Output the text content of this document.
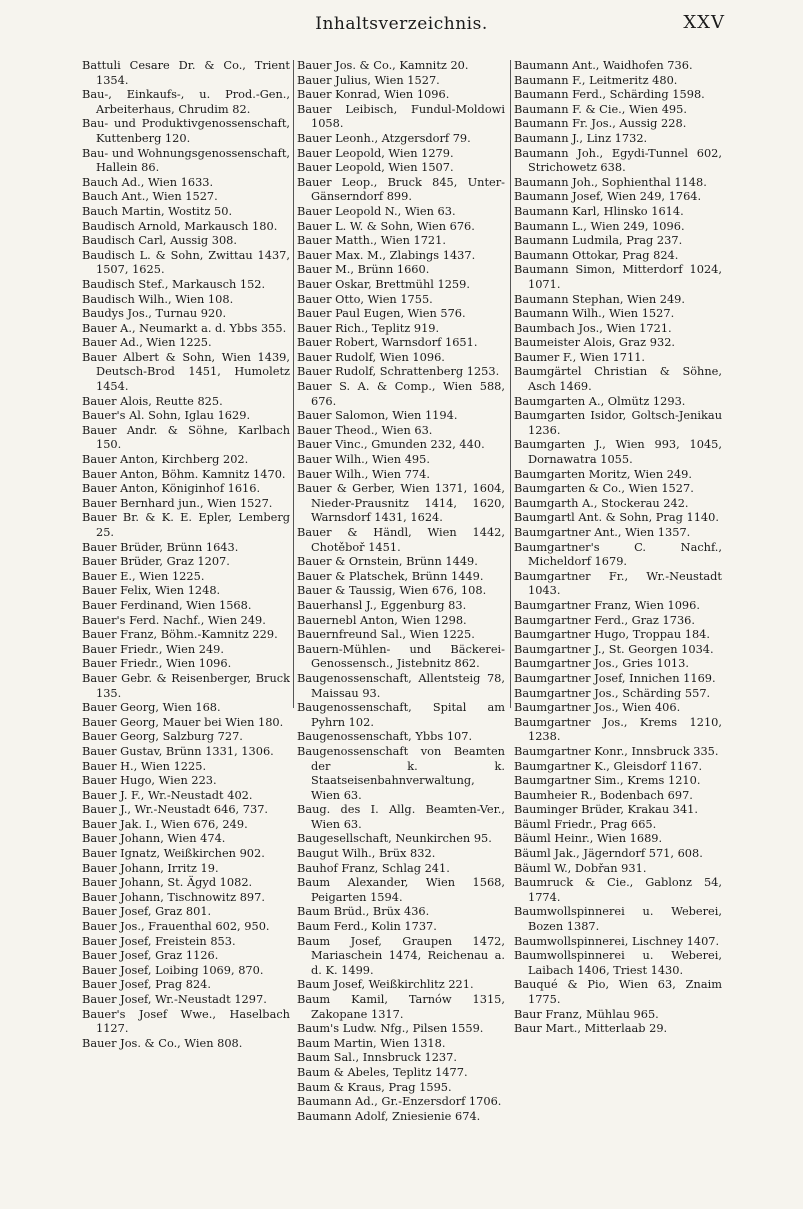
Inhaltsverzeichnis.	XXV

Battuli Cesare Dr. & Co., Trient 1354.

Bau-, Einkaufs-, u. Prod.-Gen., Arbeiterhaus, Chrudim 82.

Bau- und Produktivgenossenschaft, Kuttenberg 120.

Bau- und Wohnungsgenossenschaft, Hallein 86.

Bauch Ad., Wien 1633.

Bauch Ant., Wien 1527.

Bauch Martin, Wostitz 50.

Baudisch Arnold, Markausch 180.

Baudisch Carl, Aussig 308.

Baudisch L. & Sohn, Zwittau 1437, 1507, 1625.

Baudisch Stef., Markausch 152.

Baudisch Wilh., Wien 108.

Baudys Jos., Turnau 920.

Bauer A., Neumarkt a. d. Ybbs 355.

Bauer Ad., Wien 1225.

Bauer Albert & Sohn, Wien 1439, Deutsch-Brod 1451, Humoletz 1454.

Bauer Alois, Reutte 825.

Bauer's Al. Sohn, Iglau 1629.

Bauer Andr. & Söhne, Karlbach 150.

Bauer Anton, Kirchberg 202.

Bauer Anton, Böhm. Kamnitz 1470.

Bauer Anton, Königinhof 1616.

Bauer Bernhard jun., Wien 1527.

Bauer Br. & K. E. Epler, Lemberg 25.

Bauer Brüder, Brünn 1643.

Bauer Brüder, Graz 1207.

Bauer E., Wien 1225.

Bauer Felix, Wien 1248.

Bauer Ferdinand, Wien 1568.

Bauer's Ferd. Nachf., Wien 249.

Bauer Franz, Böhm.-Kamnitz 229.

Bauer Friedr., Wien 249.

Bauer Friedr., Wien 1096.

Bauer Gebr. & Reisenberger, Bruck 135.

Bauer Georg, Wien 168.

Bauer Georg, Mauer bei Wien 180.

Bauer Georg, Salzburg 727.

Bauer Gustav, Brünn 1331, 1306.

Bauer H., Wien 1225.

Bauer Hugo, Wien 223.

Bauer J. F., Wr.-Neustadt 402.

Bauer J., Wr.-Neustadt 646, 737.

Bauer Jak. I., Wien 676, 249.

Bauer Johann, Wien 474.

Bauer Ignatz, Weißkirchen 902.

Bauer Johann, Irritz 19.

Bauer Johann, St. Ägyd 1082.

Bauer Johann, Tischnowitz 897.

Bauer Josef, Graz 801.

Bauer Jos., Frauenthal 602, 950.

Bauer Josef, Freistein 853.

Bauer Josef, Graz 1126.

Bauer Josef, Loibing 1069, 870.

Bauer Josef, Prag 824.

Bauer Josef, Wr.-Neustadt 1297.

Bauer's Josef Wwe., Haselbach 1127.

Bauer Jos. & Co., Wien 808.

Bauer Jos. & Co., Kamnitz 20.

Bauer Julius, Wien 1527.

Bauer Konrad, Wien 1096.

Bauer Leibisch, Fundul-Moldowi 1058.

Bauer Leonh., Atzgersdorf 79.

Bauer Leopold, Wien 1279.

Bauer Leopold, Wien 1507.

Bauer Leop., Bruck 845, Unter-Gänserndorf 899.

Bauer Leopold N., Wien 63.

Bauer L. W. & Sohn, Wien 676.

Bauer Matth., Wien 1721.

Bauer Max. M., Zlabings 1437.

Bauer M., Brünn 1660.

Bauer Oskar, Brettmühl 1259.

Bauer Otto, Wien 1755.

Bauer Paul Eugen, Wien 576.

Bauer Rich., Teplitz 919.

Bauer Robert, Warnsdorf 1651.

Bauer Rudolf, Wien 1096.

Bauer Rudolf, Schrattenberg 1253.

Bauer S. A. & Comp., Wien 588, 676.

Bauer Salomon, Wien 1194.

Bauer Theod., Wien 63.

Bauer Vinc., Gmunden 232, 440.

Bauer Wilh., Wien 495.

Bauer Wilh., Wien 774.

Bauer & Gerber, Wien 1371, 1604, Nieder-Prausnitz 1414, 1620, Warnsdorf 1431, 1624.

Bauer & Händl, Wien 1442, Chotěboř 1451.

Bauer & Ornstein, Brünn 1449.

Bauer & Platschek, Brünn 1449.

Bauer & Taussig, Wien 676, 108.

Bauerhansl J., Eggenburg 83.

Bauernebl Anton, Wien 1298.

Bauernfreund Sal., Wien 1225.

Bauern-Mühlen- und Bäckerei-Genossensch., Jistebnitz 862.

Baugenossenschaft, Allentsteig 78, Maissau 93.

Baugenossenschaft, Spital am Pyhrn 102.

Baugenossenschaft, Ybbs 107.

Baugenossenschaft von Beamten der k. k. Staatseisenbahnverwaltung, Wien 63.

Baug. des I. Allg. Beamten-Ver., Wien 63.

Baugesellschaft, Neunkirchen 95.

Baugut Wilh., Brüx 832.

Bauhof Franz, Schlag 241.

Baum Alexander, Wien 1568, Peigarten 1594.

Baum Brüd., Brüx 436.

Baum Ferd., Kolin 1737.

Baum Josef, Graupen 1472, Mariaschein 1474, Reichenau a. d. K. 1499.

Baum Josef, Weißkirchlitz 221.

Baum Kamil, Tarnów 1315, Zakopane 1317.

Baum's Ludw. Nfg., Pilsen 1559.

Baum Martin, Wien 1318.

Baum Sal., Innsbruck 1237.

Baum & Abeles, Teplitz 1477.

Baum & Kraus, Prag 1595.

Baumann Ad., Gr.-Enzersdorf 1706.

Baumann Adolf, Zniesienie 674.

Baumann Ant., Waidhofen 736.

Baumann F., Leitmeritz 480.

Baumann Ferd., Schärding 1598.

Baumann F. & Cie., Wien 495.

Baumann Fr. Jos., Aussig 228.

Baumann J., Linz 1732.

Baumann Joh., Egydi-Tunnel 602, Strichowetz 638.

Baumann Joh., Sophienthal 1148.

Baumann Josef, Wien 249, 1764.

Baumann Karl, Hlinsko 1614.

Baumann L., Wien 249, 1096.

Baumann Ludmila, Prag 237.

Baumann Ottokar, Prag 824.

Baumann Simon, Mitterdorf 1024, 1071.

Baumann Stephan, Wien 249.

Baumann Wilh., Wien 1527.

Baumbach Jos., Wien 1721.

Baumeister Alois, Graz 932.

Baumer F., Wien 1711.

Baumgärtel Christian & Söhne, Asch 1469.

Baumgarten A., Olmütz 1293.

Baumgarten Isidor, Goltsch-Jenikau 1236.

Baumgarten J., Wien 993, 1045, Dornawatra 1055.

Baumgarten Moritz, Wien 249.

Baumgarten & Co., Wien 1527.

Baumgarth A., Stockerau 242.

Baumgartl Ant. & Sohn, Prag 1140.

Baumgartner Ant., Wien 1357.

Baumgartner's C. Nachf., Micheldorf 1679.

Baumgartner Fr., Wr.-Neustadt 1043.

Baumgartner Franz, Wien 1096.

Baumgartner Ferd., Graz 1736.

Baumgartner Hugo, Troppau 184.

Baumgartner J., St. Georgen 1034.

Baumgartner Jos., Gries 1013.

Baumgartner Josef, Innichen 1169.

Baumgartner Jos., Schärding 557.

Baumgartner Jos., Wien 406.

Baumgartner Jos., Krems 1210, 1238.

Baumgartner Konr., Innsbruck 335.

Baumgartner K., Gleisdorf 1167.

Baumgartner Sim., Krems 1210.

Baumheier R., Bodenbach 697.

Bauminger Brüder, Krakau 341.

Bäuml Friedr., Prag 665.

Bäuml Heinr., Wien 1689.

Bäuml Jak., Jägerndorf 571, 608.

Bäuml W., Dobřan 931.

Baumruck & Cie., Gablonz 54, 1774.

Baumwollspinnerei u. Weberei, Bozen 1387.

Baumwollspinnerei, Lischney 1407.

Baumwollspinnerei u. Weberei, Laibach 1406, Triest 1430.

Bauqué & Pio, Wien 63, Znaim 1775.

Baur Franz, Mühlau 965.

Baur Mart., Mitterlaab 29.
